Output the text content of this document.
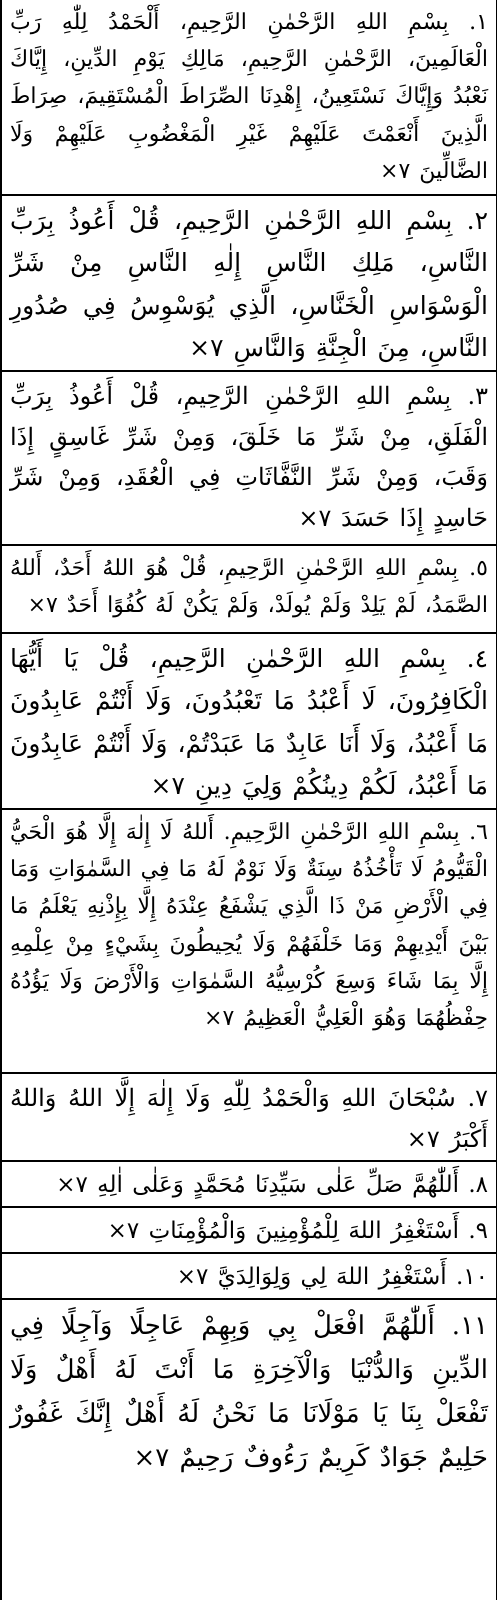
١. بِسْمِ اللهِ الرَّحْمٰنِ الرَّحِيمِ، أَلْحَمْدُ لِلّٰهِ رَبِّ الْعَالَمِينَ، الرَّحْمٰنِ الرَّحِيمِ، مَالِكِ يَوْمِ الدِّينِ، إِيَّاكَ نَعْبُدُ وَإِيَّاكَ نَسْتَعِينُ، إِهْدِنَا الصِّرَاطَ الْمُسْتَقِيمَ، صِرَاطَ الَّذِينَ أَنْعَمْتَ عَلَيْهِمْ غَيْرِ الْمَغْضُوبِ عَلَيْهِمْ وَلَا الضَّالِّينَ ٧×
٢. بِسْمِ اللهِ الرَّحْمٰنِ الرَّحِيمِ، قُلْ أَعُوذُ بِرَبِّ النَّاسِ، مَلِكِ النَّاسِ إِلٰهِ النَّاسِ مِنْ شَرِّ الْوَسْوَاسِ الْخَنَّاسِ، الَّذِي يُوَسْوِسُ فِي صُدُورِ النَّاسِ، مِنَ الْجِنَّةِ وَالنَّاسِ ٧×
٣. بِسْمِ اللهِ الرَّحْمٰنِ الرَّحِيمِ، قُلْ أَعُوذُ بِرَبِّ الْفَلَقِ، مِنْ شَرِّ مَا خَلَقَ، وَمِنْ شَرِّ غَاسِقٍ إِذَا وَقَبَ، وَمِنْ شَرِّ النَّفَّاثَاتِ فِي الْعُقَدِ، وَمِنْ شَرِّ حَاسِدٍ إِذَا حَسَدَ ٧×
٥. بِسْمِ اللهِ الرَّحْمٰنِ الرَّحِيمِ، قُلْ هُوَ اللهُ أَحَدٌ، أَللهُ الصَّمَدُ، لَمْ يَلِدْ وَلَمْ يُولَدْ، وَلَمْ يَكُنْ لَهُ كُفُوًا أَحَدٌ ٧×
٤. بِسْمِ اللهِ الرَّحْمٰنِ الرَّحِيمِ، قُلْ يَا أَيُّهَا الْكَافِرُونَ، لَا أَعْبُدُ مَا تَعْبُدُونَ، وَلَا أَنْتُمْ عَابِدُونَ مَا أَعْبُدُ، وَلَا أَنَا عَابِدٌ مَا عَبَدْتُمْ، وَلَا أَنْتُمْ عَابِدُونَ مَا أَعْبُدُ، لَكُمْ دِينُكُمْ وَلِيَ دِينِ ٧×
٦. بِسْمِ اللهِ الرَّحْمٰنِ الرَّحِيمِ. أَللهُ لَا إِلٰهَ إِلَّا هُوَ الْحَيُّ الْقَيُّومُ لَا تَأْخُذُهُ سِنَةٌ وَلَا نَوْمٌ لَهُ مَا فِي السَّمٰوَاتِ وَمَا فِي الْأَرْضِ مَنْ ذَا الَّذِي يَشْفَعُ عِنْدَهُ إِلَّا بِإِذْنِهِ يَعْلَمُ مَا بَيْنَ أَيْدِيهِمْ وَمَا خَلْفَهُمْ وَلَا يُحِيطُونَ بِشَيْءٍ مِنْ عِلْمِهِ إِلَّا بِمَا شَاءَ وَسِعَ كُرْسِيُّهُ السَّمٰوَاتِ وَالْأَرْضَ وَلَا يَؤُدُهُ حِفْظُهُمَا وَهُوَ الْعَلِيُّ الْعَظِيمُ ٧×
٧. سُبْحَانَ اللهِ وَالْحَمْدُ لِلّٰهِ وَلَا إِلٰهَ إِلَّا اللهُ وَاللهُ أَكْبَرُ ٧×
٨. أَللّٰهُمَّ صَلِّ عَلٰى سَيِّدِنَا مُحَمَّدٍ وَعَلٰى اٰلِهِ ٧×
٩. أَسْتَغْفِرُ اللهَ لِلْمُؤْمِنِينَ وَالْمُؤْمِنَاتِ ٧×
١٠. أَسْتَغْفِرُ اللهَ لِي وَلِوَالِدَيَّ ٧×
١١. أَللّٰهُمَّ افْعَلْ بِي وَبِهِمْ عَاجِلًا وَآجِلًا فِي الدِّينِ وَالدُّنْيَا وَالْآخِرَةِ مَا أَنْتَ لَهُ أَهْلٌ وَلَا تَفْعَلْ بِنَا يَا مَوْلَانَا مَا نَحْنُ لَهُ أَهْلٌ إِنَّكَ غَفُورٌ حَلِيمٌ جَوَادٌ كَرِيمٌ رَءُوفٌ رَحِيمٌ ٧×
